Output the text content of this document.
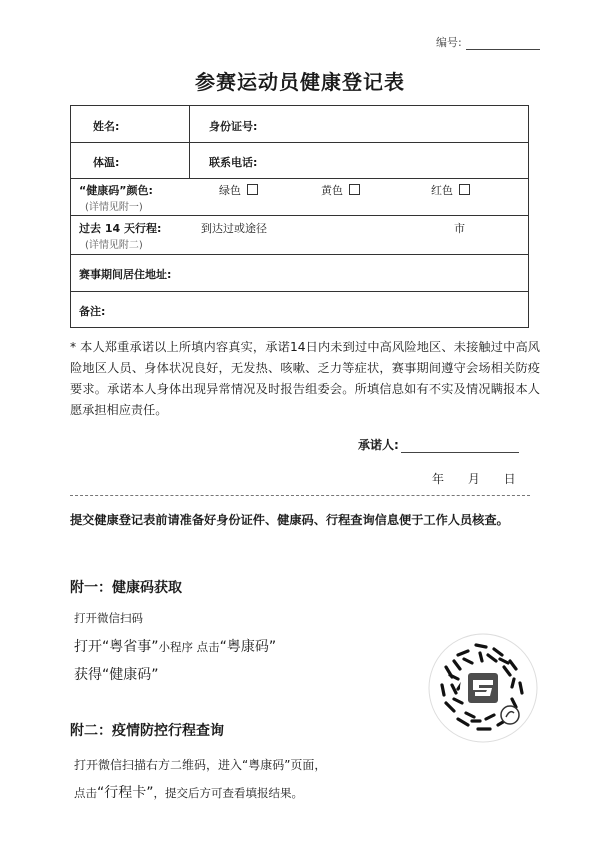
编号:
参赛运动员健康登记表
姓名:	身份证号:
体温:	联系电话:
“健康码”颜色:
(详情见附一)
绿色	黄色	红色
过去 14 天行程:
(详情见附二)
到达过或途径	市
赛事期间居住地址:
备注:
* 本人郑重承诺以上所填内容真实，承诺14日内未到过中高风险地区、未接触过中高风险地区人员、身体状况良好，无发热、咳嗽、乏力等症状，赛事期间遵守会场相关防疫要求。承诺本人身体出现异常情况及时报告组委会。所填信息如有不实及情况瞒报本人愿承担相应责任。
承诺人:
年 月 日
提交健康登记表前请准备好身份证件、健康码、行程查询信息便于工作人员核查。
附一：健康码获取
打开微信扫码
打开“粤省事”小程序 点击“粤康码”
获得“健康码”
附二：疫情防控行程查询
打开微信扫描右方二维码，进入“粤康码”页面，
点击“行程卡”，提交后方可查看填报结果。
